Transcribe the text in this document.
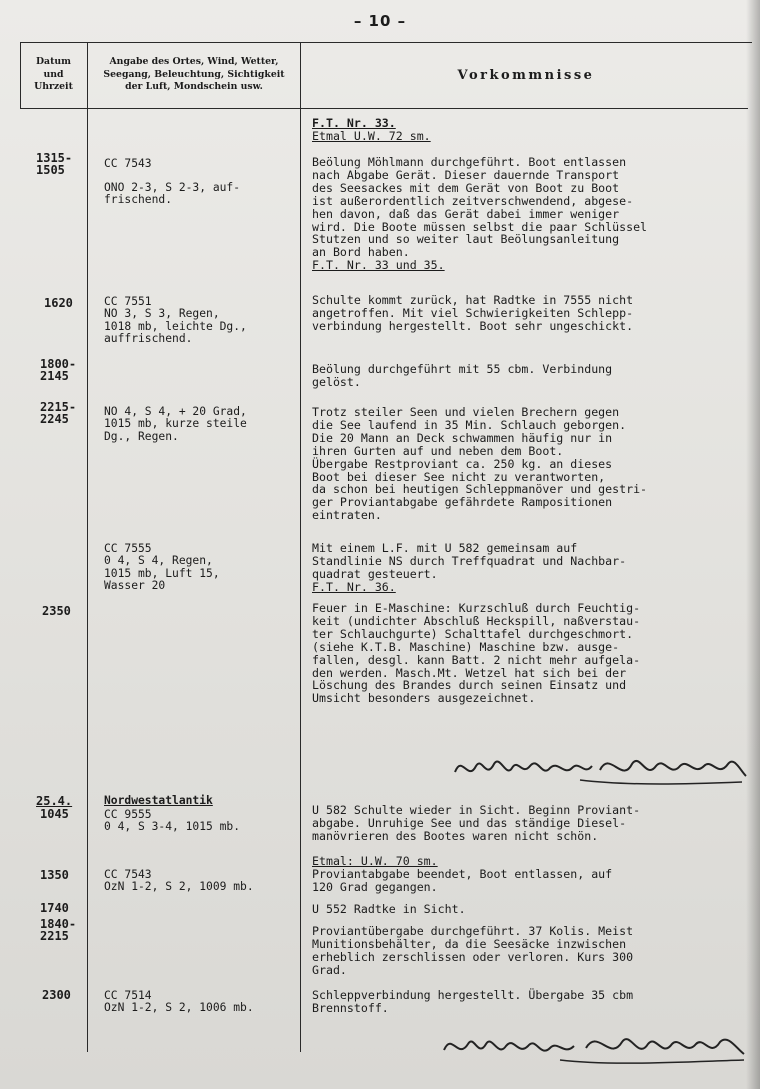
– 10 –
Datum
und
Uhrzeit
Angabe des Ortes, Wind, Wetter,
Seegang, Beleuchtung, Sichtigkeit
der Luft, Mondschein usw.
Vorkommnisse
1315-
1505
1620
1800-
2145
2215-
2245
2350
25.4.
1045
1350
1740
1840-
2215
2300
CC 7543
ONO 2-3, S 2-3, auf-
frischend.
CC 7551
NO 3, S 3, Regen,
1018 mb, leichte Dg.,
auffrischend.
NO 4, S 4, + 20 Grad,
1015 mb, kurze steile
Dg., Regen.
CC 7555
0 4, S 4, Regen,
1015 mb, Luft 15,
Wasser 20
Nordwestatlantik
CC 9555
0 4, S 3-4, 1015 mb.
CC 7543
OzN 1-2, S 2, 1009 mb.
CC 7514
OzN 1-2, S 2, 1006 mb.
F.T. Nr. 33.
Etmal U.W. 72 sm.
Beölung Möhlmann durchgeführt. Boot entlassen
nach Abgabe Gerät. Dieser dauernde Transport
des Seesackes mit dem Gerät von Boot zu Boot
ist außerordentlich zeitverschwendend, abgese-
hen davon, daß das Gerät dabei immer weniger
wird. Die Boote müssen selbst die paar Schlüssel
Stutzen und so weiter laut Beölungsanleitung
an Bord haben.
F.T. Nr. 33 und 35.
Schulte kommt zurück, hat Radtke in 7555 nicht
angetroffen. Mit viel Schwierigkeiten Schlepp-
verbindung hergestellt. Boot sehr ungeschickt.
Beölung durchgeführt mit 55 cbm. Verbindung
gelöst.
Trotz steiler Seen und vielen Brechern gegen
die See laufend in 35 Min. Schlauch geborgen.
Die 20 Mann an Deck schwammen häufig nur in
ihren Gurten auf und neben dem Boot.
Übergabe Restproviant ca. 250 kg. an dieses
Boot bei dieser See nicht zu verantworten,
da schon bei heutigen Schleppmanöver und gestri-
ger Proviantabgabe gefährdete Rampositionen
eintraten.
Mit einem L.F. mit U 582 gemeinsam auf
Standlinie NS durch Treffquadrat und Nachbar-
quadrat gesteuert.
F.T. Nr. 36.
Feuer in E-Maschine: Kurzschluß durch Feuchtig-
keit (undichter Abschluß Heckspill, naßverstau-
ter Schlauchgurte) Schalttafel durchgeschmort.
(siehe K.T.B. Maschine) Maschine bzw. ausge-
fallen, desgl. kann Batt. 2 nicht mehr aufgela-
den werden. Masch.Mt. Wetzel hat sich bei der
Löschung des Brandes durch seinen Einsatz und
Umsicht besonders ausgezeichnet.
U 582 Schulte wieder in Sicht. Beginn Proviant-
abgabe. Unruhige See und das ständige Diesel-
manövrieren des Bootes waren nicht schön.
Etmal: U.W. 70 sm.
Proviantabgabe beendet, Boot entlassen, auf
120 Grad gegangen.
U 552 Radtke in Sicht.
Proviantübergabe durchgeführt. 37 Kolis. Meist
Munitionsbehälter, da die Seesäcke inzwischen
erheblich zerschlissen oder verloren. Kurs 300
Grad.
Schleppverbindung hergestellt. Übergabe 35 cbm
Brennstoff.
